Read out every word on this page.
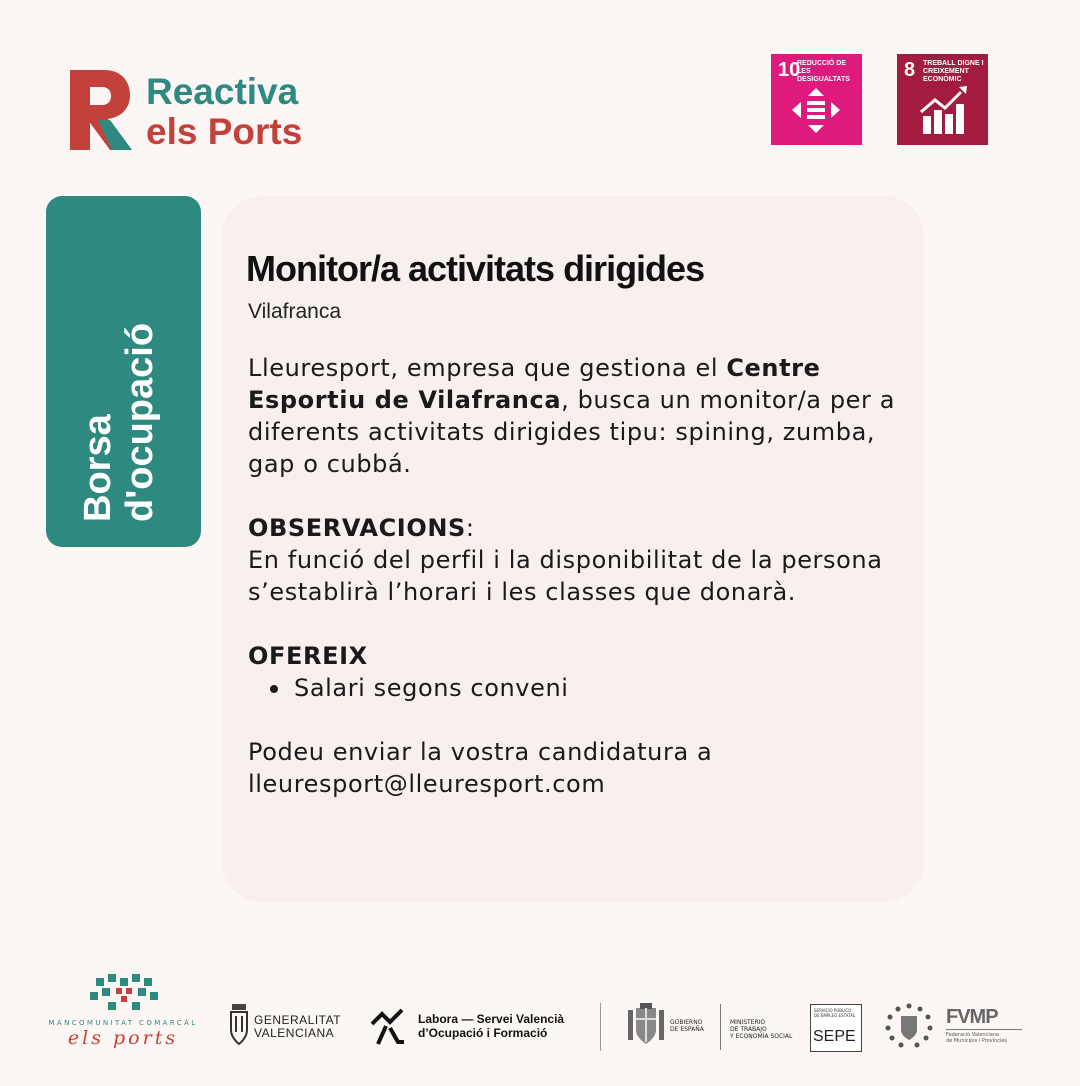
Reactiva
els Ports
10
REDUCCIÓ DE LES DESIGUALTATS	8 TREBALL DIGNE I CREIXEMENT ECONÒMIC
Borsa d'ocupació
Monitor/a activitats dirigides
Vilafranca

Lleuresport, empresa que gestiona el Centre Esportiu de Vilafranca, busca un monitor/a per a diferents activitats dirigides tipu: spining, zumba, gap o cubbá.

OBSERVACIONS:

En funció del perfil i la disponibilitat de la persona s’establirà l’horari i les classes que donarà.

OFEREIX

Salari segons conveni

Podeu enviar la vostra candidatura a

lleuresport@lleuresport.com

MANCOMUNITAT COMARCAL
els ports
GENERALITAT
VALENCIANA
Labora — Servei Valencià
d’Ocupació i Formació
GOBIERNO
DE ESPAÑA
MINISTERIO
DE TRABAJO
Y ECONOMÍA SOCIAL
SERVICIO PÚBLICO
DE EMPLEO ESTATAL
SEPE
FVMP
Federació Valenciana
de Municipis i Províncies
